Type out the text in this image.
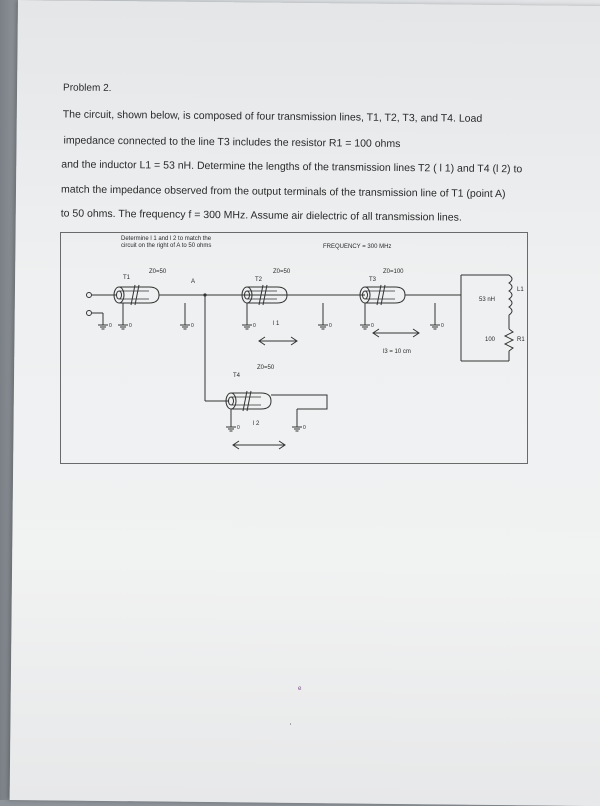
Problem 2.
The circuit, shown below, is composed of four transmission lines, T1, T2, T3, and T4. Load
impedance connected to the line T3 includes the resistor R1 = 100 ohms
and the inductor L1 = 53 nH. Determine the lengths of the transmission lines T2 ( l 1) and T4 (l 2) to
match the impedance observed from the output terminals of the transmission line of T1 (point A)
to 50 ohms. The frequency f = 300 MHz. Assume air dielectric of all transmission lines.
Determine l 1 and l 2 to match the
circuit on the right of A to 50 ohms	FREQUENCY = 300 MHz
Z0=50
T1
Z0=50
T2
Z0=100
T3
A
l 1
l3 = 10 cm
53 nH
L1
100	R1
Z0=50
T4
l 2
0	0	0	0	0	0	0
0	0
ᵉ
ʾ
